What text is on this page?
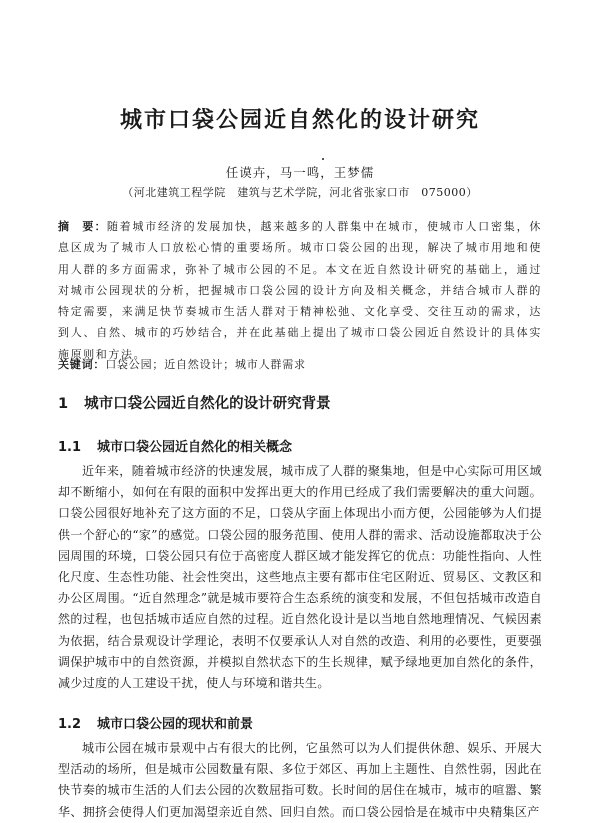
城市口袋公园近自然化的设计研究
任谟卉，马一鸣，王梦儒
（河北建筑工程学院　建筑与艺术学院，河北省张家口市　075000）
摘　要：随着城市经济的发展加快，越来越多的人群集中在城市，使城市人口密集，休息区成为了城市人口放松心情的重要场所。城市口袋公园的出现，解决了城市用地和使用人群的多方面需求，弥补了城市公园的不足。本文在近自然设计研究的基础上，通过对城市公园现状的分析，把握城市口袋公园的设计方向及相关概念，并结合城市人群的特定需要，来满足快节奏城市生活人群对于精神松弛、文化享受、交往互动的需求，达到人、自然、城市的巧妙结合，并在此基础上提出了城市口袋公园近自然设计的具体实施原则和方法。
关键词：口袋公园；近自然设计；城市人群需求
1 城市口袋公园近自然化的设计研究背景
1.1 城市口袋公园近自然化的相关概念
近年来，随着城市经济的快速发展，城市成了人群的聚集地，但是中心实际可用区域却不断缩小，如何在有限的面积中发挥出更大的作用已经成了我们需要解决的重大问题。口袋公园很好地补充了这方面的不足，口袋从字面上体现出小而方便，公园能够为人们提供一个舒心的“家”的感觉。口袋公园的服务范围、使用人群的需求、活动设施都取决于公园周围的环境，口袋公园只有位于高密度人群区域才能发挥它的优点：功能性指向、人性化尺度、生态性功能、社会性突出，这些地点主要有都市住宅区附近、贸易区、文教区和办公区周围。“近自然理念”就是城市要符合生态系统的演变和发展，不但包括城市改造自然的过程，也包括城市适应自然的过程。近自然化设计是以当地自然地理情况、气候因素为依据，结合景观设计学理论，表明不仅要承认人对自然的改造、利用的必要性，更要强调保护城市中的自然资源，并模拟自然状态下的生长规律，赋予绿地更加自然化的条件，减少过度的人工建设干扰，使人与环境和谐共生。
1.2 城市口袋公园的现状和前景
城市公园在城市景观中占有很大的比例，它虽然可以为人们提供休憩、娱乐、开展大型活动的场所，但是城市公园数量有限、多位于郊区、再加上主题性、自然性弱，因此在快节奏的城市生活的人们去公园的次数屈指可数。长时间的居住在城市，城市的喧嚣、繁华、拥挤会使得人们更加渴望亲近自然、回归自然。而口袋公园恰是在城市中央精集区产
